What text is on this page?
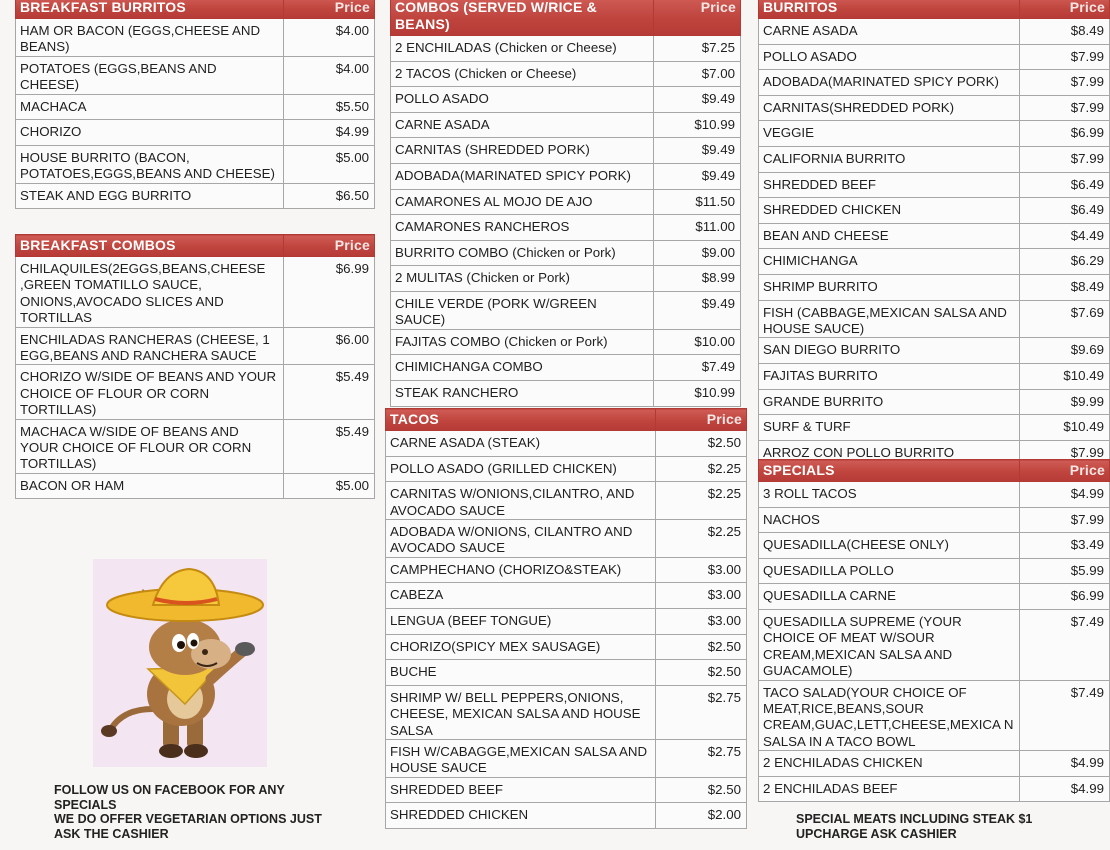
BREAKFAST BURRITOS	Price
HAM OR BACON (EGGS,CHEESE AND BEANS)	$4.00
POTATOES (EGGS,BEANS AND CHEESE)	$4.00
MACHACA	$5.50
CHORIZO	$4.99
HOUSE BURRITO (BACON, POTATOES,EGGS,BEANS AND CHEESE)	$5.00
STEAK AND EGG BURRITO	$6.50
BREAKFAST COMBOS	Price
CHILAQUILES(2EGGS,BEANS,CHEESE ,GREEN TOMATILLO SAUCE, ONIONS,AVOCADO SLICES AND TORTILLAS	$6.99
ENCHILADAS RANCHERAS (CHEESE, 1 EGG,BEANS AND RANCHERA SAUCE	$6.00
CHORIZO W/SIDE OF BEANS AND YOUR CHOICE OF FLOUR OR CORN TORTILLAS)	$5.49
MACHACA W/SIDE OF BEANS AND YOUR CHOICE OF FLOUR OR CORN TORTILLAS)	$5.49
BACON OR HAM	$5.00
COMBOS (SERVED W/RICE & BEANS)	Price
2 ENCHILADAS (Chicken or Cheese)	$7.25
2 TACOS (Chicken or Cheese)	$7.00
POLLO ASADO	$9.49
CARNE ASADA	$10.99
CARNITAS (SHREDDED PORK)	$9.49
ADOBADA(MARINATED SPICY PORK)	$9.49
CAMARONES AL MOJO DE AJO	$11.50
CAMARONES RANCHEROS	$11.00
BURRITO COMBO (Chicken or Pork)	$9.00
2 MULITAS (Chicken or Pork)	$8.99
CHILE VERDE (PORK W/GREEN SAUCE)	$9.49
FAJITAS COMBO (Chicken or Pork)	$10.00
CHIMICHANGA COMBO	$7.49
STEAK RANCHERO	$10.99
TACOS	Price
CARNE ASADA (STEAK)	$2.50
POLLO ASADO (GRILLED CHICKEN)	$2.25
CARNITAS W/ONIONS,CILANTRO, AND AVOCADO SAUCE	$2.25
ADOBADA W/ONIONS, CILANTRO AND AVOCADO SAUCE	$2.25
CAMPHECHANO (CHORIZO&STEAK)	$3.00
CABEZA	$3.00
LENGUA (BEEF TONGUE)	$3.00
CHORIZO(SPICY MEX SAUSAGE)	$2.50
BUCHE	$2.50
SHRIMP W/ BELL PEPPERS,ONIONS, CHEESE, MEXICAN SALSA AND HOUSE SALSA	$2.75
FISH W/CABAGGE,MEXICAN SALSA AND HOUSE SAUCE	$2.75
SHREDDED BEEF	$2.50
SHREDDED CHICKEN	$2.00
BURRITOS	Price
CARNE ASADA	$8.49
POLLO ASADO	$7.99
ADOBADA(MARINATED SPICY PORK)	$7.99
CARNITAS(SHREDDED PORK)	$7.99
VEGGIE	$6.99
CALIFORNIA BURRITO	$7.99
SHREDDED BEEF	$6.49
SHREDDED CHICKEN	$6.49
BEAN AND CHEESE	$4.49
CHIMICHANGA	$6.29
SHRIMP BURRITO	$8.49
FISH (CABBAGE,MEXICAN SALSA AND HOUSE SAUCE)	$7.69
SAN DIEGO BURRITO	$9.69
FAJITAS BURRITO	$10.49
GRANDE BURRITO	$9.99
SURF & TURF	$10.49
ARROZ CON POLLO BURRITO	$7.99
SPECIALS	Price
3 ROLL TACOS	$4.99
NACHOS	$7.99
QUESADILLA(CHEESE ONLY)	$3.49
QUESADILLA POLLO	$5.99
QUESADILLA CARNE	$6.99
QUESADILLA SUPREME (YOUR CHOICE OF MEAT W/SOUR CREAM,MEXICAN SALSA AND GUACAMOLE)	$7.49
TACO SALAD(YOUR CHOICE OF MEAT,RICE,BEANS,SOUR CREAM,GUAC,LETT,CHEESE,MEXICA N SALSA IN A TACO BOWL	$7.49
2 ENCHILADAS CHICKEN	$4.99
2 ENCHILADAS BEEF	$4.99
FOLLOW US ON FACEBOOK FOR ANY SPECIALS
WE DO OFFER VEGETARIAN OPTIONS JUST ASK THE CASHIER
SPECIAL MEATS INCLUDING STEAK $1 UPCHARGE ASK CASHIER
